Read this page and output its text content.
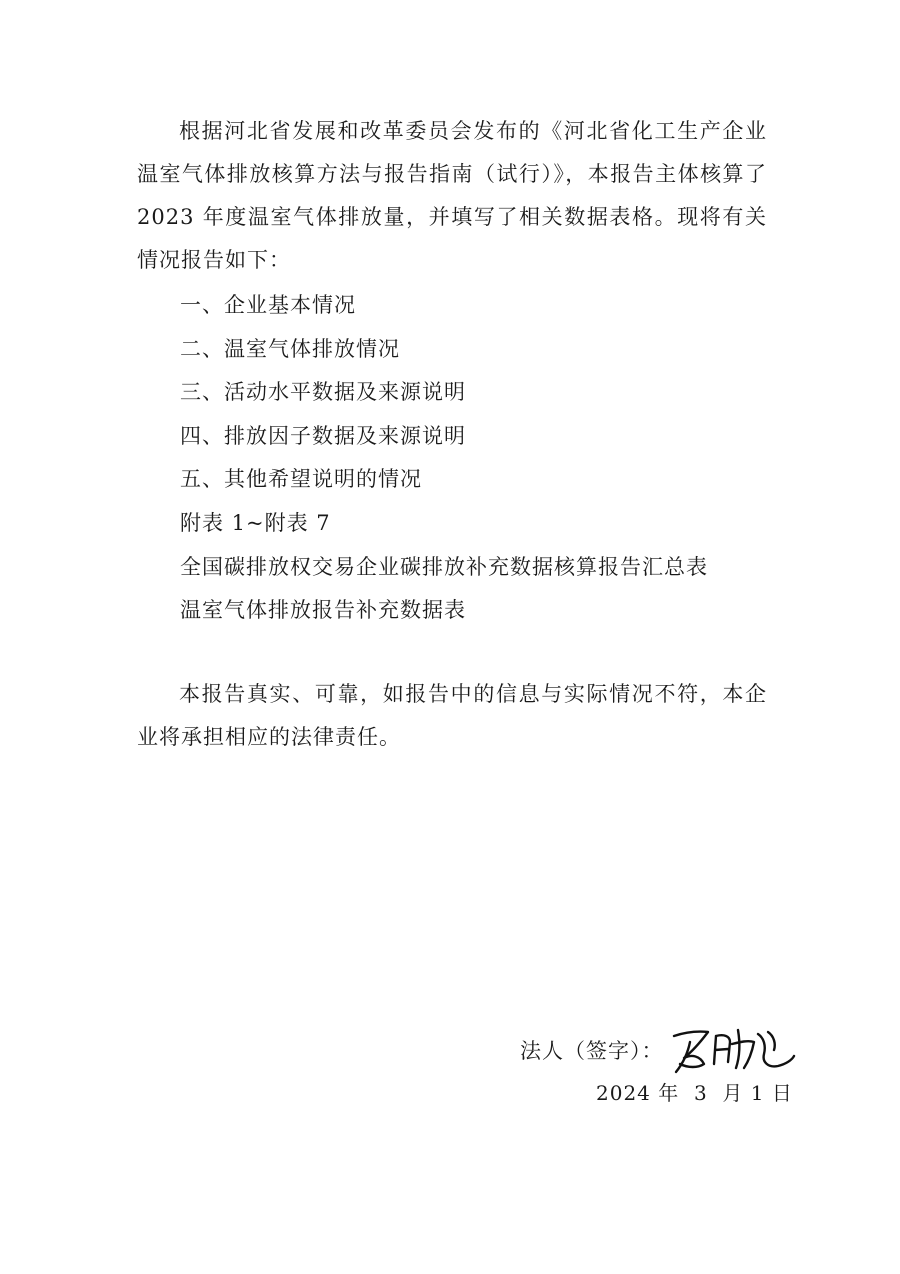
根据河北省发展和改革委员会发布的《河北省化工生产企业温室气体排放核算方法与报告指南（试行）》，本报告主体核算了 2023 年度温室气体排放量，并填写了相关数据表格。现将有关情况报告如下：

一、企业基本情况
二、温室气体排放情况
三、活动水平数据及来源说明
四、排放因子数据及来源说明
五、其他希望说明的情况
附表 1~附表 7
全国碳排放权交易企业碳排放补充数据核算报告汇总表
温室气体排放报告补充数据表

本报告真实、可靠，如报告中的信息与实际情况不符，本企业将承担相应的法律责任。

法人（签字）：
2024 年  3  月 1 日
